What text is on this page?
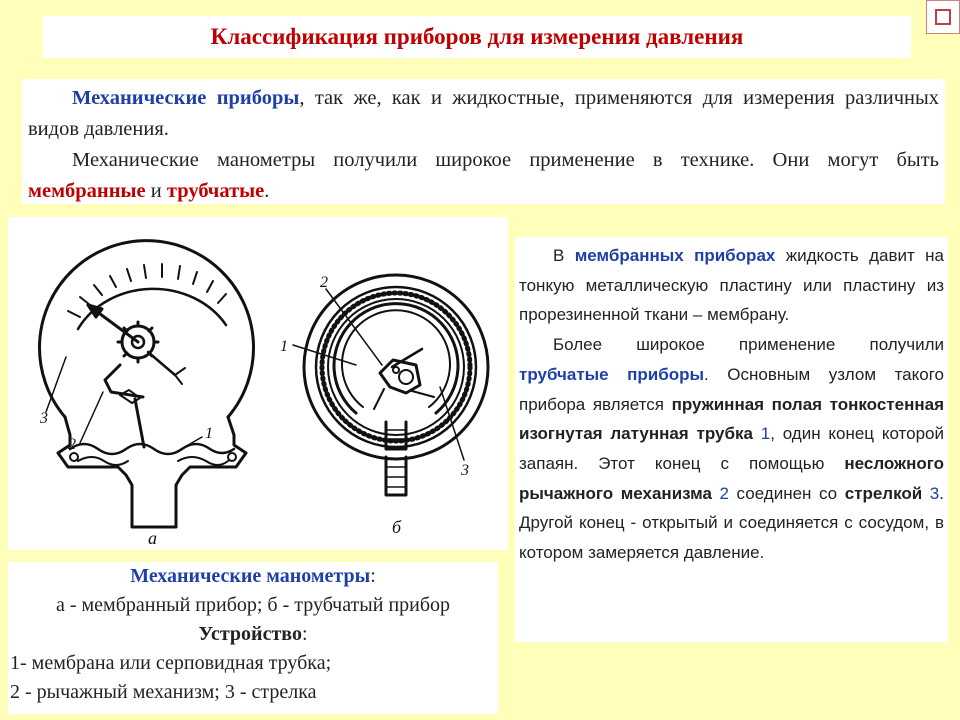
Классификация приборов для измерения давления

Механические приборы, так же, как и жидкостные, применяются для измерения различных видов давления.

Механические манометры получили широкое применение в технике. Они могут быть мембранные и трубчатые.

а
б
1
2
3
1
2
3

В мембранных приборах жидкость давит на тонкую металлическую пластину или пластину из прорезиненной ткани – мембрану.

Более широкое применение получили трубчатые приборы. Основным узлом такого прибора является пружинная полая тонкостенная изогнутая латунная трубка 1, один конец которой запаян. Этот конец с помощью несложного рычажного механизма 2 соединен со стрелкой 3. Другой конец - открытый и соединяется с сосудом, в котором замеряется давление.

Механические манометры:
а - мембранный прибор; б - трубчатый прибор
Устройство:
1- мембрана или серповидная трубка;
2 - рычажный механизм; 3 - стрелка
